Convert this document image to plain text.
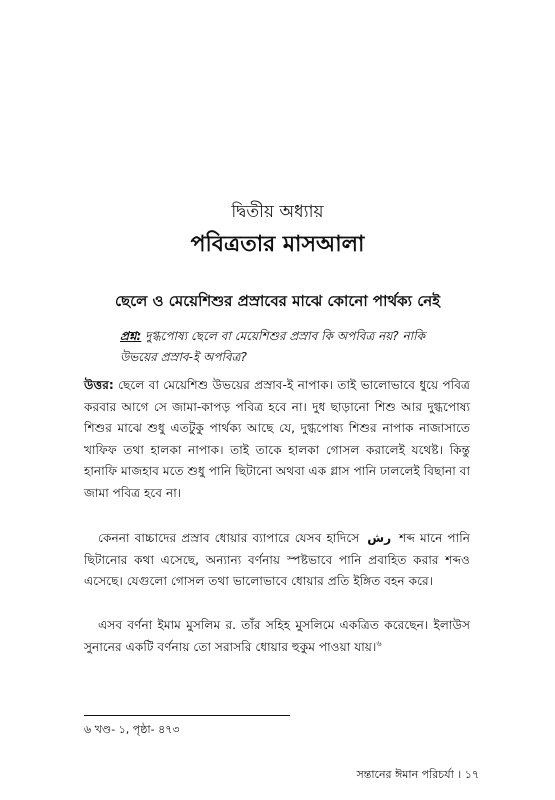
দ্বিতীয় অধ্যায়
পবিত্রতার মাসআলা
ছেলে ও মেয়েশিশুর প্রস্রাবের মাঝে কোনো পার্থক্য নেই
প্রশ্ন: দুগ্ধপোষ্য ছেলে বা মেয়েশিশুর প্রস্রাব কি অপবিত্র নয়? নাকি উভয়ের প্রস্রাব-ই অপবিত্র?
উত্তর: ছেলে বা মেয়েশিশু উভয়ের প্রস্রাব-ই নাপাক। তাই ভালোভাবে ধুয়ে পবিত্র করবার আগে সে জামা-কাপড় পবিত্র হবে না। দুধ ছাড়ানো শিশু আর দুগ্ধপোষ্য শিশুর মাঝে শুধু এতটুকু পার্থক্য আছে যে, দুগ্ধপোষ্য শিশুর নাপাক নাজাসাতে খাফিফ তথা হালকা নাপাক। তাই তাকে হালকা গোসল করালেই যথেষ্ট। কিন্তু হানাফি মাজহাব মতে শুধু পানি ছিটানো অথবা এক গ্লাস পানি ঢাললেই বিছানা বা জামা পবিত্র হবে না।
কেননা বাচ্চাদের প্রস্রাব ধোয়ার ব্যাপারে যেসব হাদিসে رش শব্দ মানে পানি ছিটানোর কথা এসেছে, অন্যান্য বর্ণনায় স্পষ্টভাবে পানি প্রবাহিত করার শব্দও এসেছে। যেগুলো গোসল তথা ভালোভাবে ধোয়ার প্রতি ইঙ্গিত বহন করে।
এসব বর্ণনা ইমাম মুসলিম র. তাঁর সহিহ মুসলিমে একত্রিত করেছেন। ইলাউস সুনানের একটি বর্ণনায় তো সরাসরি ধোয়ার হুকুম পাওয়া যায়।$^৬$
৬ খণ্ড- ১, পৃষ্ঠা- ৪৭৩
সন্তানের ঈমান পরিচর্যা । ১৭
